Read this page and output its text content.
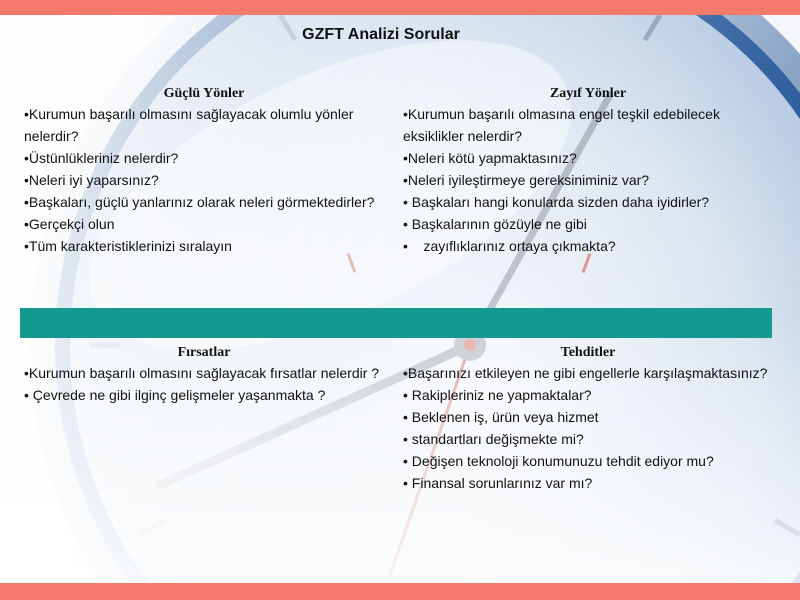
GZFT Analizi Sorular
Güçlü Yönler
•Kurumun başarılı olmasını sağlayacak olumlu yönler nelerdir?
•Üstünlükleriniz nelerdir?
•Neleri iyi yaparsınız?
•Başkaları, güçlü yanlarınız olarak neleri görmektedirler?
•Gerçekçi olun
•Tüm karakteristiklerinizi sıralayın
Zayıf Yönler
•Kurumun başarılı olmasına engel teşkil edebilecek eksiklikler nelerdir?
•Neleri kötü yapmaktasınız?
•Neleri iyileştirmeye gereksiniminiz var?
• Başkaları hangi konularda sizden daha iyidirler?
• Başkalarının gözüyle ne gibi
•    zayıflıklarınız ortaya çıkmakta?
Fırsatlar
•Kurumun başarılı olmasını sağlayacak fırsatlar nelerdir ?
• Çevrede ne gibi ilginç gelişmeler yaşanmakta ?
Tehditler
•Başarınızı etkileyen ne gibi engellerle karşılaşmaktasınız?
• Rakipleriniz ne yapmaktalar?
• Beklenen iş, ürün veya hizmet
• standartları değişmekte mi?
• Değişen teknoloji konumunuzu tehdit ediyor mu?
• Finansal sorunlarınız var mı?
